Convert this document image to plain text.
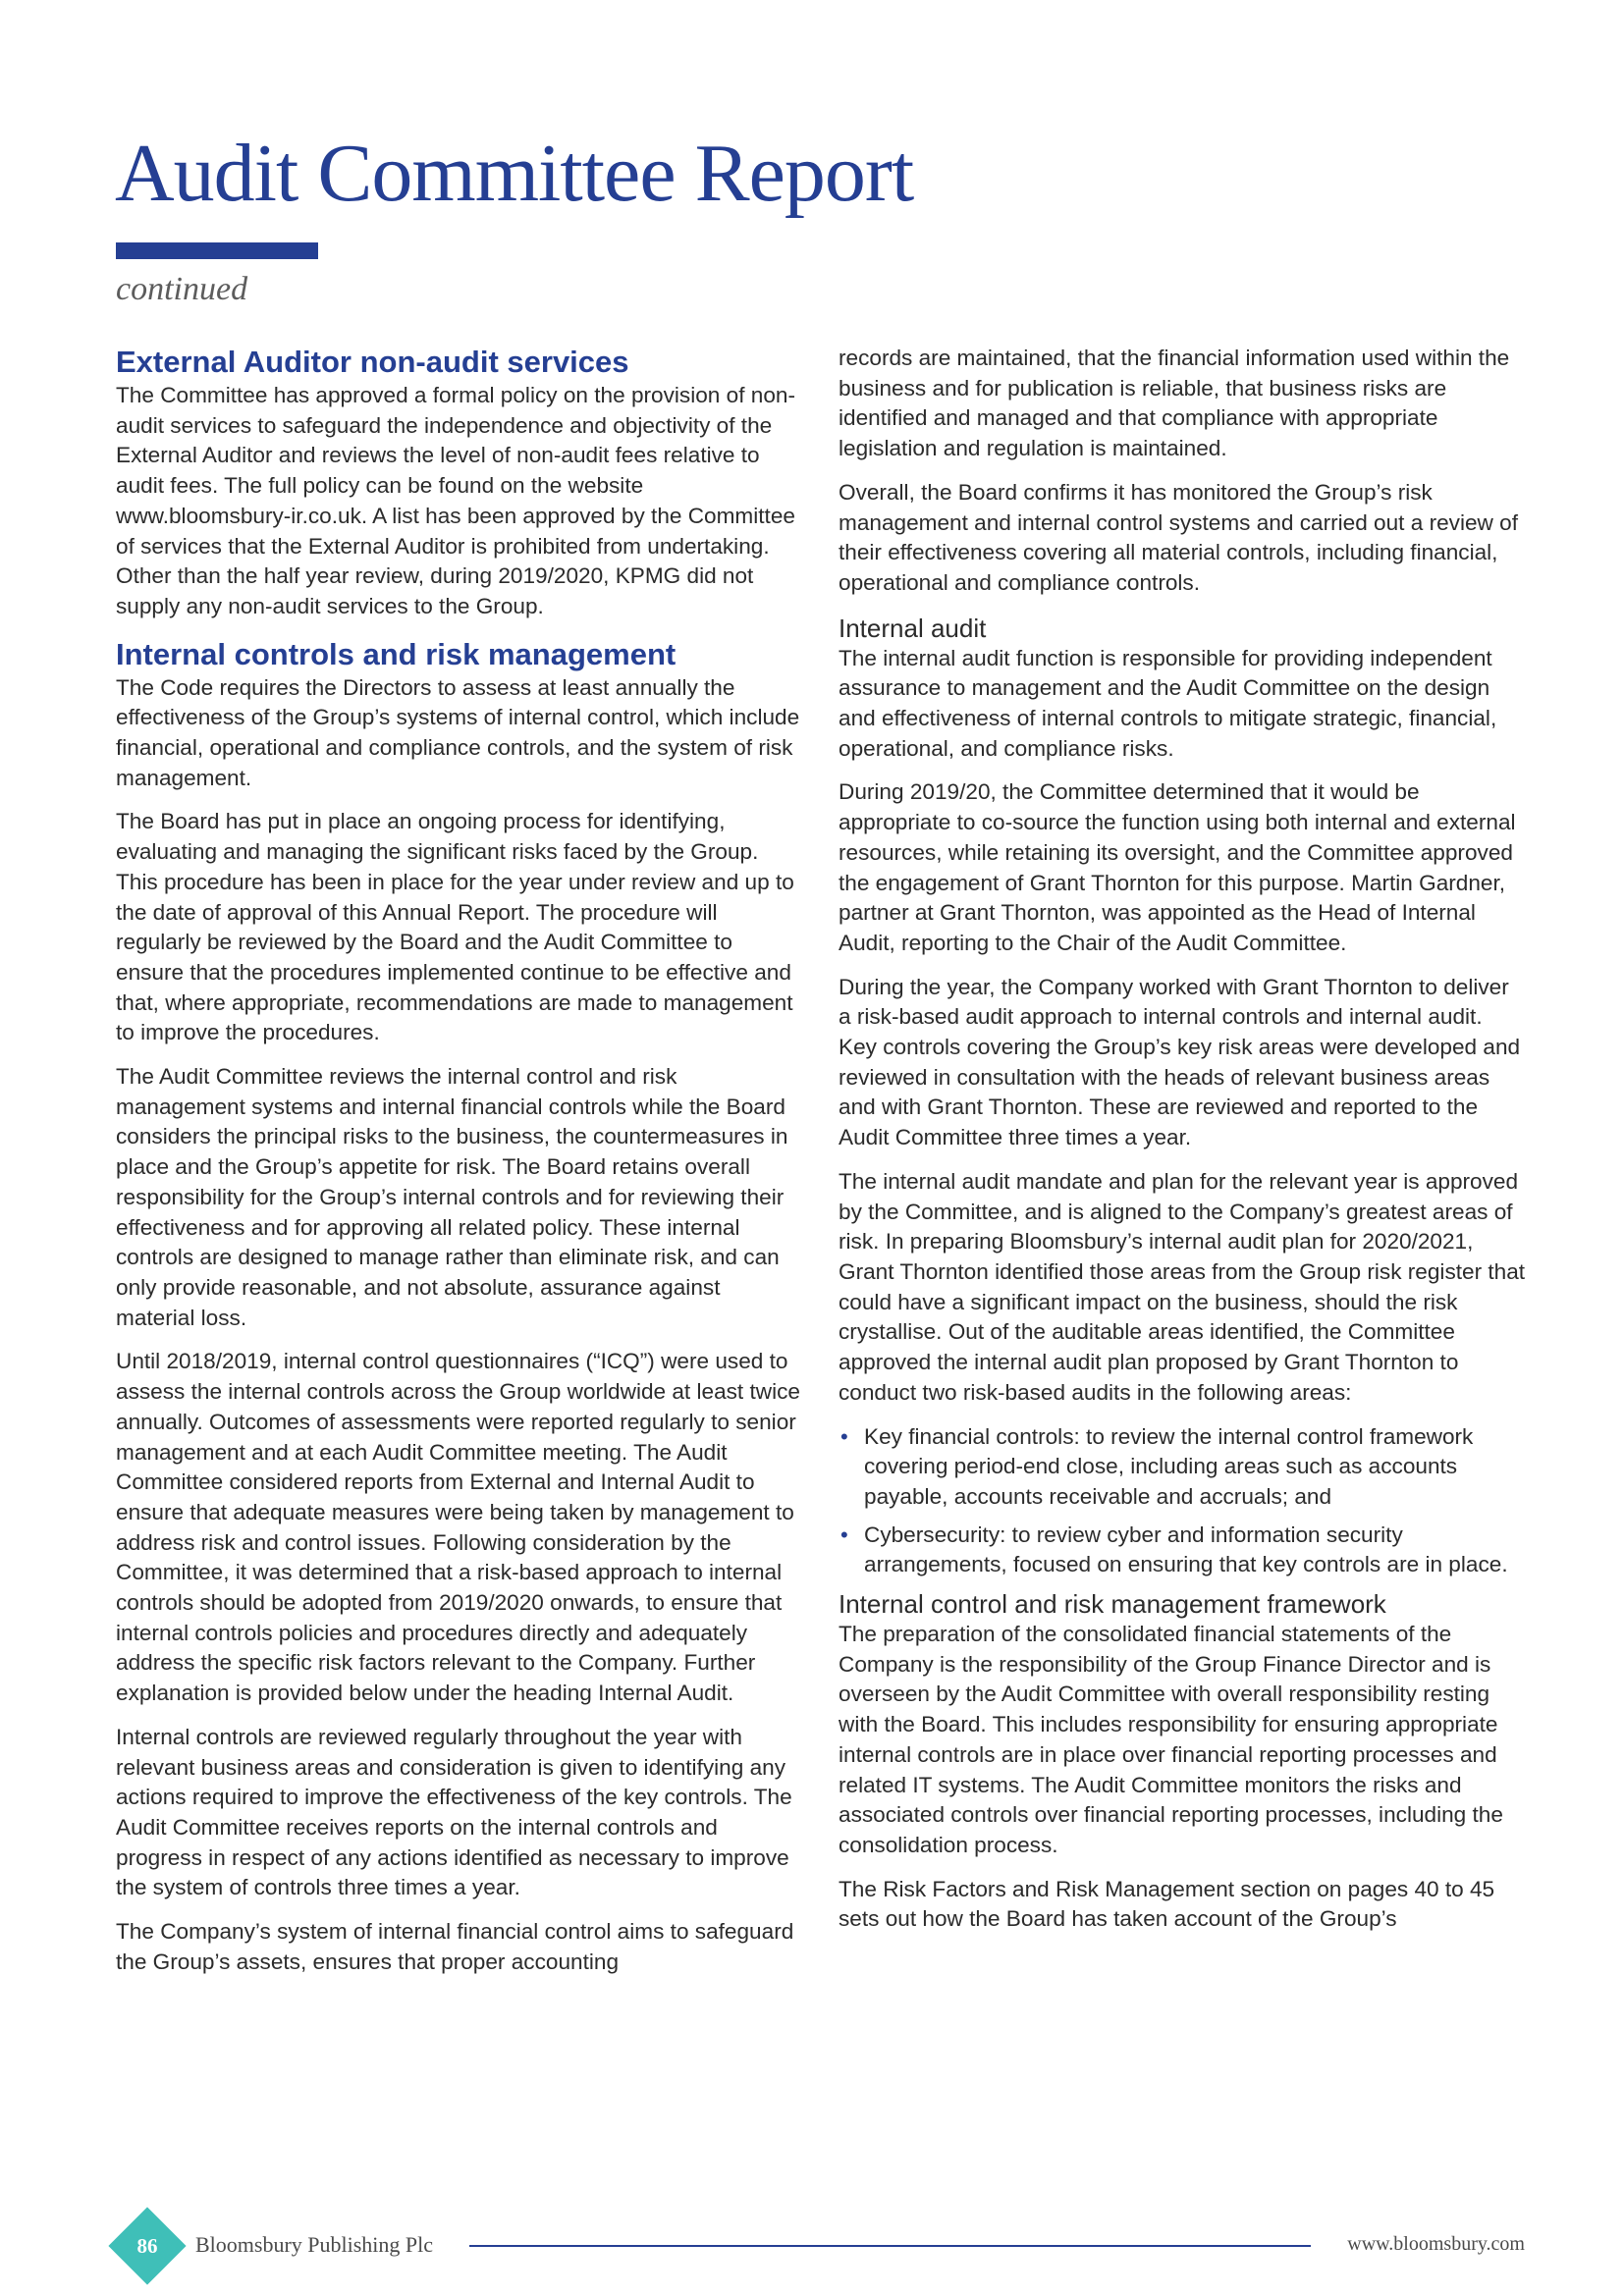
Audit Committee Report
continued
External Auditor non-audit services

The Committee has approved a formal policy on the provision of non-audit services to safeguard the independence and objectivity of the External Auditor and reviews the level of non-audit fees relative to audit fees. The full policy can be found on the website www.bloomsbury-ir.co.uk. A list has been approved by the Committee of services that the External Auditor is prohibited from undertaking. Other than the half year review, during 2019/2020, KPMG did not supply any non-audit services to the Group.

Internal controls and risk management

The Code requires the Directors to assess at least annually the effectiveness of the Group’s systems of internal control, which include financial, operational and compliance controls, and the system of risk management.

The Board has put in place an ongoing process for identifying, evaluating and managing the significant risks faced by the Group. This procedure has been in place for the year under review and up to the date of approval of this Annual Report. The procedure will regularly be reviewed by the Board and the Audit Committee to ensure that the procedures implemented continue to be effective and that, where appropriate, recommendations are made to management to improve the procedures.

The Audit Committee reviews the internal control and risk management systems and internal financial controls while the Board considers the principal risks to the business, the countermeasures in place and the Group’s appetite for risk. The Board retains overall responsibility for the Group’s internal controls and for reviewing their effectiveness and for approving all related policy. These internal controls are designed to manage rather than eliminate risk, and can only provide reasonable, and not absolute, assurance against material loss.

Until 2018/2019, internal control questionnaires (“ICQ”) were used to assess the internal controls across the Group worldwide at least twice annually. Outcomes of assessments were reported regularly to senior management and at each Audit Committee meeting. The Audit Committee considered reports from External and Internal Audit to ensure that adequate measures were being taken by management to address risk and control issues. Following consideration by the Committee, it was determined that a risk-based approach to internal controls should be adopted from 2019/2020 onwards, to ensure that internal controls policies and procedures directly and adequately address the specific risk factors relevant to the Company. Further explanation is provided below under the heading Internal Audit.

Internal controls are reviewed regularly throughout the year with relevant business areas and consideration is given to identifying any actions required to improve the effectiveness of the key controls. The Audit Committee receives reports on the internal controls and progress in respect of any actions identified as necessary to improve the system of controls three times a year.

The Company’s system of internal financial control aims to safeguard the Group’s assets, ensures that proper accounting

records are maintained, that the financial information used within the business and for publication is reliable, that business risks are identified and managed and that compliance with appropriate legislation and regulation is maintained.

Overall, the Board confirms it has monitored the Group’s risk management and internal control systems and carried out a review of their effectiveness covering all material controls, including financial, operational and compliance controls.

Internal audit

The internal audit function is responsible for providing independent assurance to management and the Audit Committee on the design and effectiveness of internal controls to mitigate strategic, financial, operational, and compliance risks.

During 2019/20, the Committee determined that it would be appropriate to co-source the function using both internal and external resources, while retaining its oversight, and the Committee approved the engagement of Grant Thornton for this purpose. Martin Gardner, partner at Grant Thornton, was appointed as the Head of Internal Audit, reporting to the Chair of the Audit Committee.

During the year, the Company worked with Grant Thornton to deliver a risk-based audit approach to internal controls and internal audit. Key controls covering the Group’s key risk areas were developed and reviewed in consultation with the heads of relevant business areas and with Grant Thornton. These are reviewed and reported to the Audit Committee three times a year.

The internal audit mandate and plan for the relevant year is approved by the Committee, and is aligned to the Company’s greatest areas of risk. In preparing Bloomsbury’s internal audit plan for 2020/2021, Grant Thornton identified those areas from the Group risk register that could have a significant impact on the business, should the risk crystallise. Out of the auditable areas identified, the Committee approved the internal audit plan proposed by Grant Thornton to conduct two risk-based audits in the following areas:

• Key financial controls: to review the internal control framework covering period-end close, including areas such as accounts payable, accounts receivable and accruals; and
• Cybersecurity: to review cyber and information security arrangements, focused on ensuring that key controls are in place.
Internal control and risk management framework

The preparation of the consolidated financial statements of the Company is the responsibility of the Group Finance Director and is overseen by the Audit Committee with overall responsibility resting with the Board. This includes responsibility for ensuring appropriate internal controls are in place over financial reporting processes and related IT systems. The Audit Committee monitors the risks and associated controls over financial reporting processes, including the consolidation process.

The Risk Factors and Risk Management section on pages 40 to 45 sets out how the Board has taken account of the Group’s

86	Bloomsbury Publishing Plc	www.bloomsbury.com
